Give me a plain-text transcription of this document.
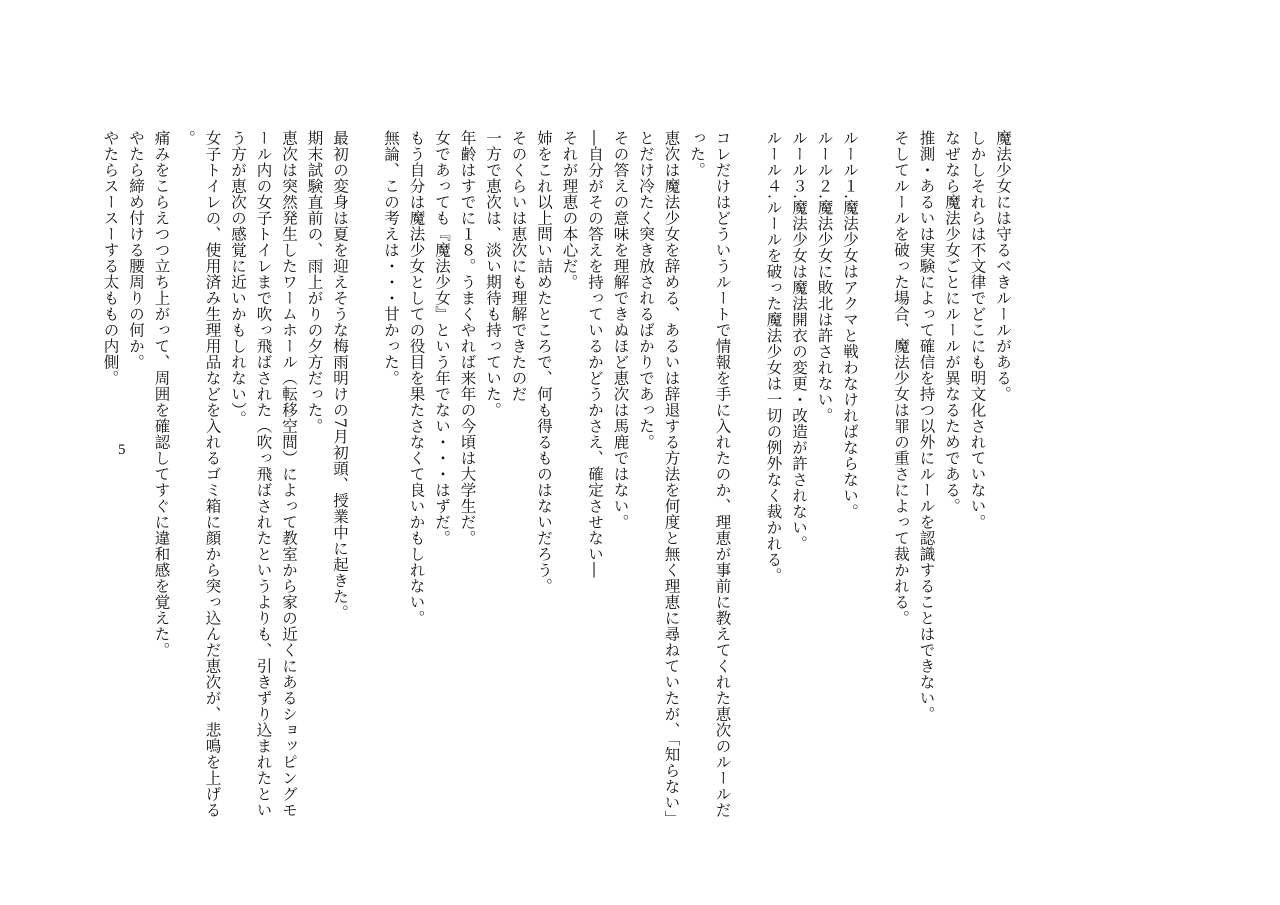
魔法少女には守るべきルールがある。

しかしそれらは不文律でどこにも明文化されていない。

なぜなら魔法少女ごとにルールが異なるためである。

推測・あるいは実験によって確信を持つ以外にルールを認識することはできない。

そしてルールを破った場合、魔法少女は罪の重さによって裁かれる。

ルール１.魔法少女はアクマと戦わなければならない。

ルール２.魔法少女に敗北は許されない。

ルール３.魔法少女は魔法開衣の変更・改造が許されない。

ルール４.ルールを破った魔法少女は一切の例外なく裁かれる。

コレだけはどういうルートで情報を手に入れたのか、理恵が事前に教えてくれた恵次のルールだった。

恵次は魔法少女を辞める、あるいは辞退する方法を何度と無く理恵に尋ねていたが、「知らない」とだけ冷たく突き放されるばかりであった。

その答えの意味を理解できぬほど恵次は馬鹿ではない。

―自分がその答えを持っているかどうかさえ、確定させない―

それが理恵の本心だ。

姉をこれ以上問い詰めたところで、何も得るものはないだろう。

そのくらいは恵次にも理解できたのだ

一方で恵次は、淡い期待も持っていた。

年齢はすでに１８。うまくやれば来年の今頃は大学生だ。

女であっても『魔法少女』という年でない・・・はずだ。

もう自分は魔法少女としての役目を果たさなくて良いかもしれない。

無論、この考えは・・・甘かった。

最初の変身は夏を迎えそうな梅雨明けの7月初頭、授業中に起きた。

期末試験直前の、雨上がりの夕方だった。

恵次は突然発生したワームホール（転移空間）によって教室から家の近くにあるショッピングモール内の女子トイレまで吹っ飛ばされた（吹っ飛ばされたというよりも、引きずり込まれたという方が恵次の感覚に近いかもしれない）。

女子トイレの、使用済み生理用品などを入れるゴミ箱に顔から突っ込んだ恵次が、悲鳴を上げる。

痛みをこらえつつ立ち上がって、周囲を確認してすぐに違和感を覚えた。

やたら締め付ける腰周りの何か。

やたらスースーする太ももの内側。

5
